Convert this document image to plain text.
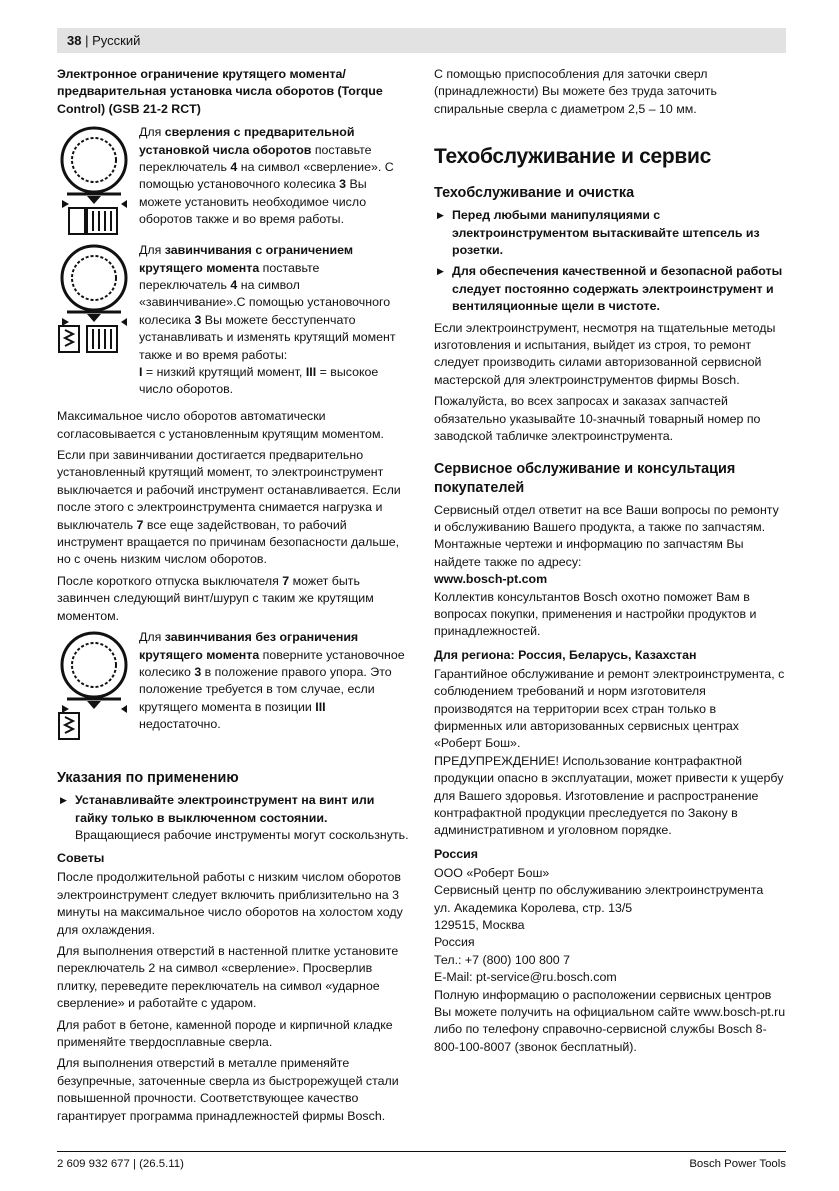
38 | Русский

Электронное ограничение крутящего момента/ предварительная установка числа оборотов (Torque Control) (GSB 21-2 RCT)

Для сверления с предварительной установкой числа оборотов поставьте переключатель 4 на символ «сверление». С помощью установочного колесика 3 Вы можете установить необходимое число оборотов также и во время работы.

Для завинчивания с ограничением крутящего момента поставьте переключатель 4 на символ «завинчивание».С помощью установочного колесика 3 Вы можете бесступенчато устанавливать и изменять крутящий момент также и во время работы:
I = низкий крутящий момент, III = высокое число оборотов.

Максимальное число оборотов автоматически согласовывается с установленным крутящим моментом.

Если при завинчивании достигается предварительно установленный крутящий момент, то электроинструмент выключается и рабочий инструмент останавливается. Если после этого с электроинструмента снимается нагрузка и выключатель 7 все еще задействован, то рабочий инструмент вращается по причинам безопасности дальше, но с очень низким числом оборотов.

После короткого отпуска выключателя 7 может быть завинчен следующий винт/шуруп с таким же крутящим моментом.

Для завинчивания без ограничения крутящего момента поверните установочное колесико 3 в положение правого упора. Это положение требуется в том случае, если крутящего момента в позиции III недостаточно.

Указания по применению

▶ Устанавливайте электроинструмент на винт или гайку только в выключенном состоянии. Вращающиеся рабочие инструменты могут соскользнуть.

Советы

После продолжительной работы с низким числом оборотов электроинструмент следует включить приблизительно на 3 минуты на максимальное число оборотов на холостом ходу для охлаждения.

Для выполнения отверстий в настенной плитке установите переключатель 2 на символ «сверление». Просверлив плитку, переведите переключатель на символ «ударное сверление» и работайте с ударом.

Для работ в бетоне, каменной породе и кирпичной кладке применяйте твердосплавные сверла.

Для выполнения отверстий в металле применяйте безупречные, заточенные сверла из быстрорежущей стали повышенной прочности. Соответствующее качество гарантирует программа принадлежностей фирмы Bosch.

С помощью приспособления для заточки сверл (принадлежности) Вы можете без труда заточить спиральные сверла с диаметром 2,5 – 10 мм.

Техобслуживание и сервис
Техобслуживание и очистка

▶ Перед любыми манипуляциями с электроинструментом вытаскивайте штепсель из розетки.

▶ Для обеспечения качественной и безопасной работы следует постоянно содержать электроинструмент и вентиляционные щели в чистоте.

Если электроинструмент, несмотря на тщательные методы изготовления и испытания, выйдет из строя, то ремонт следует производить силами авторизованной сервисной мастерской для электроинструментов фирмы Bosch.

Пожалуйста, во всех запросах и заказах запчастей обязательно указывайте 10-значный товарный номер по заводской табличке электроинструмента.

Сервисное обслуживание и консультация покупателей

Сервисный отдел ответит на все Ваши вопросы по ремонту и обслуживанию Вашего продукта, а также по запчастям. Монтажные чертежи и информацию по запчастям Вы найдете также по адресу:
www.bosch-pt.com

Коллектив консультантов Bosch охотно поможет Вам в вопросах покупки, применения и настройки продуктов и принадлежностей.

Для региона: Россия, Беларусь, Казахстан

Гарантийное обслуживание и ремонт электроинструмента, с соблюдением требований и норм изготовителя производятся на территории всех стран только в фирменных или авторизованных сервисных центрах «Роберт Бош».
ПРЕДУПРЕЖДЕНИЕ! Использование контрафактной продукции опасно в эксплуатации, может привести к ущербу для Вашего здоровья. Изготовление и распространение контрафактной продукции преследуется по Закону в административном и уголовном порядке.

Россия
ООО «Роберт Бош»
Сервисный центр по обслуживанию электроинструмента
ул. Академика Королева, стр. 13/5
129515, Москва
Россия
Тел.: +7 (800) 100 800 7
E-Mail: pt-service@ru.bosch.com
Полную информацию о расположении сервисных центров Вы можете получить на официальном сайте www.bosch-pt.ru либо по телефону справочно-сервисной службы Bosch 8-800-100-8007 (звонок бесплатный).
2 609 932 677 | (26.5.11)	Bosch Power Tools
